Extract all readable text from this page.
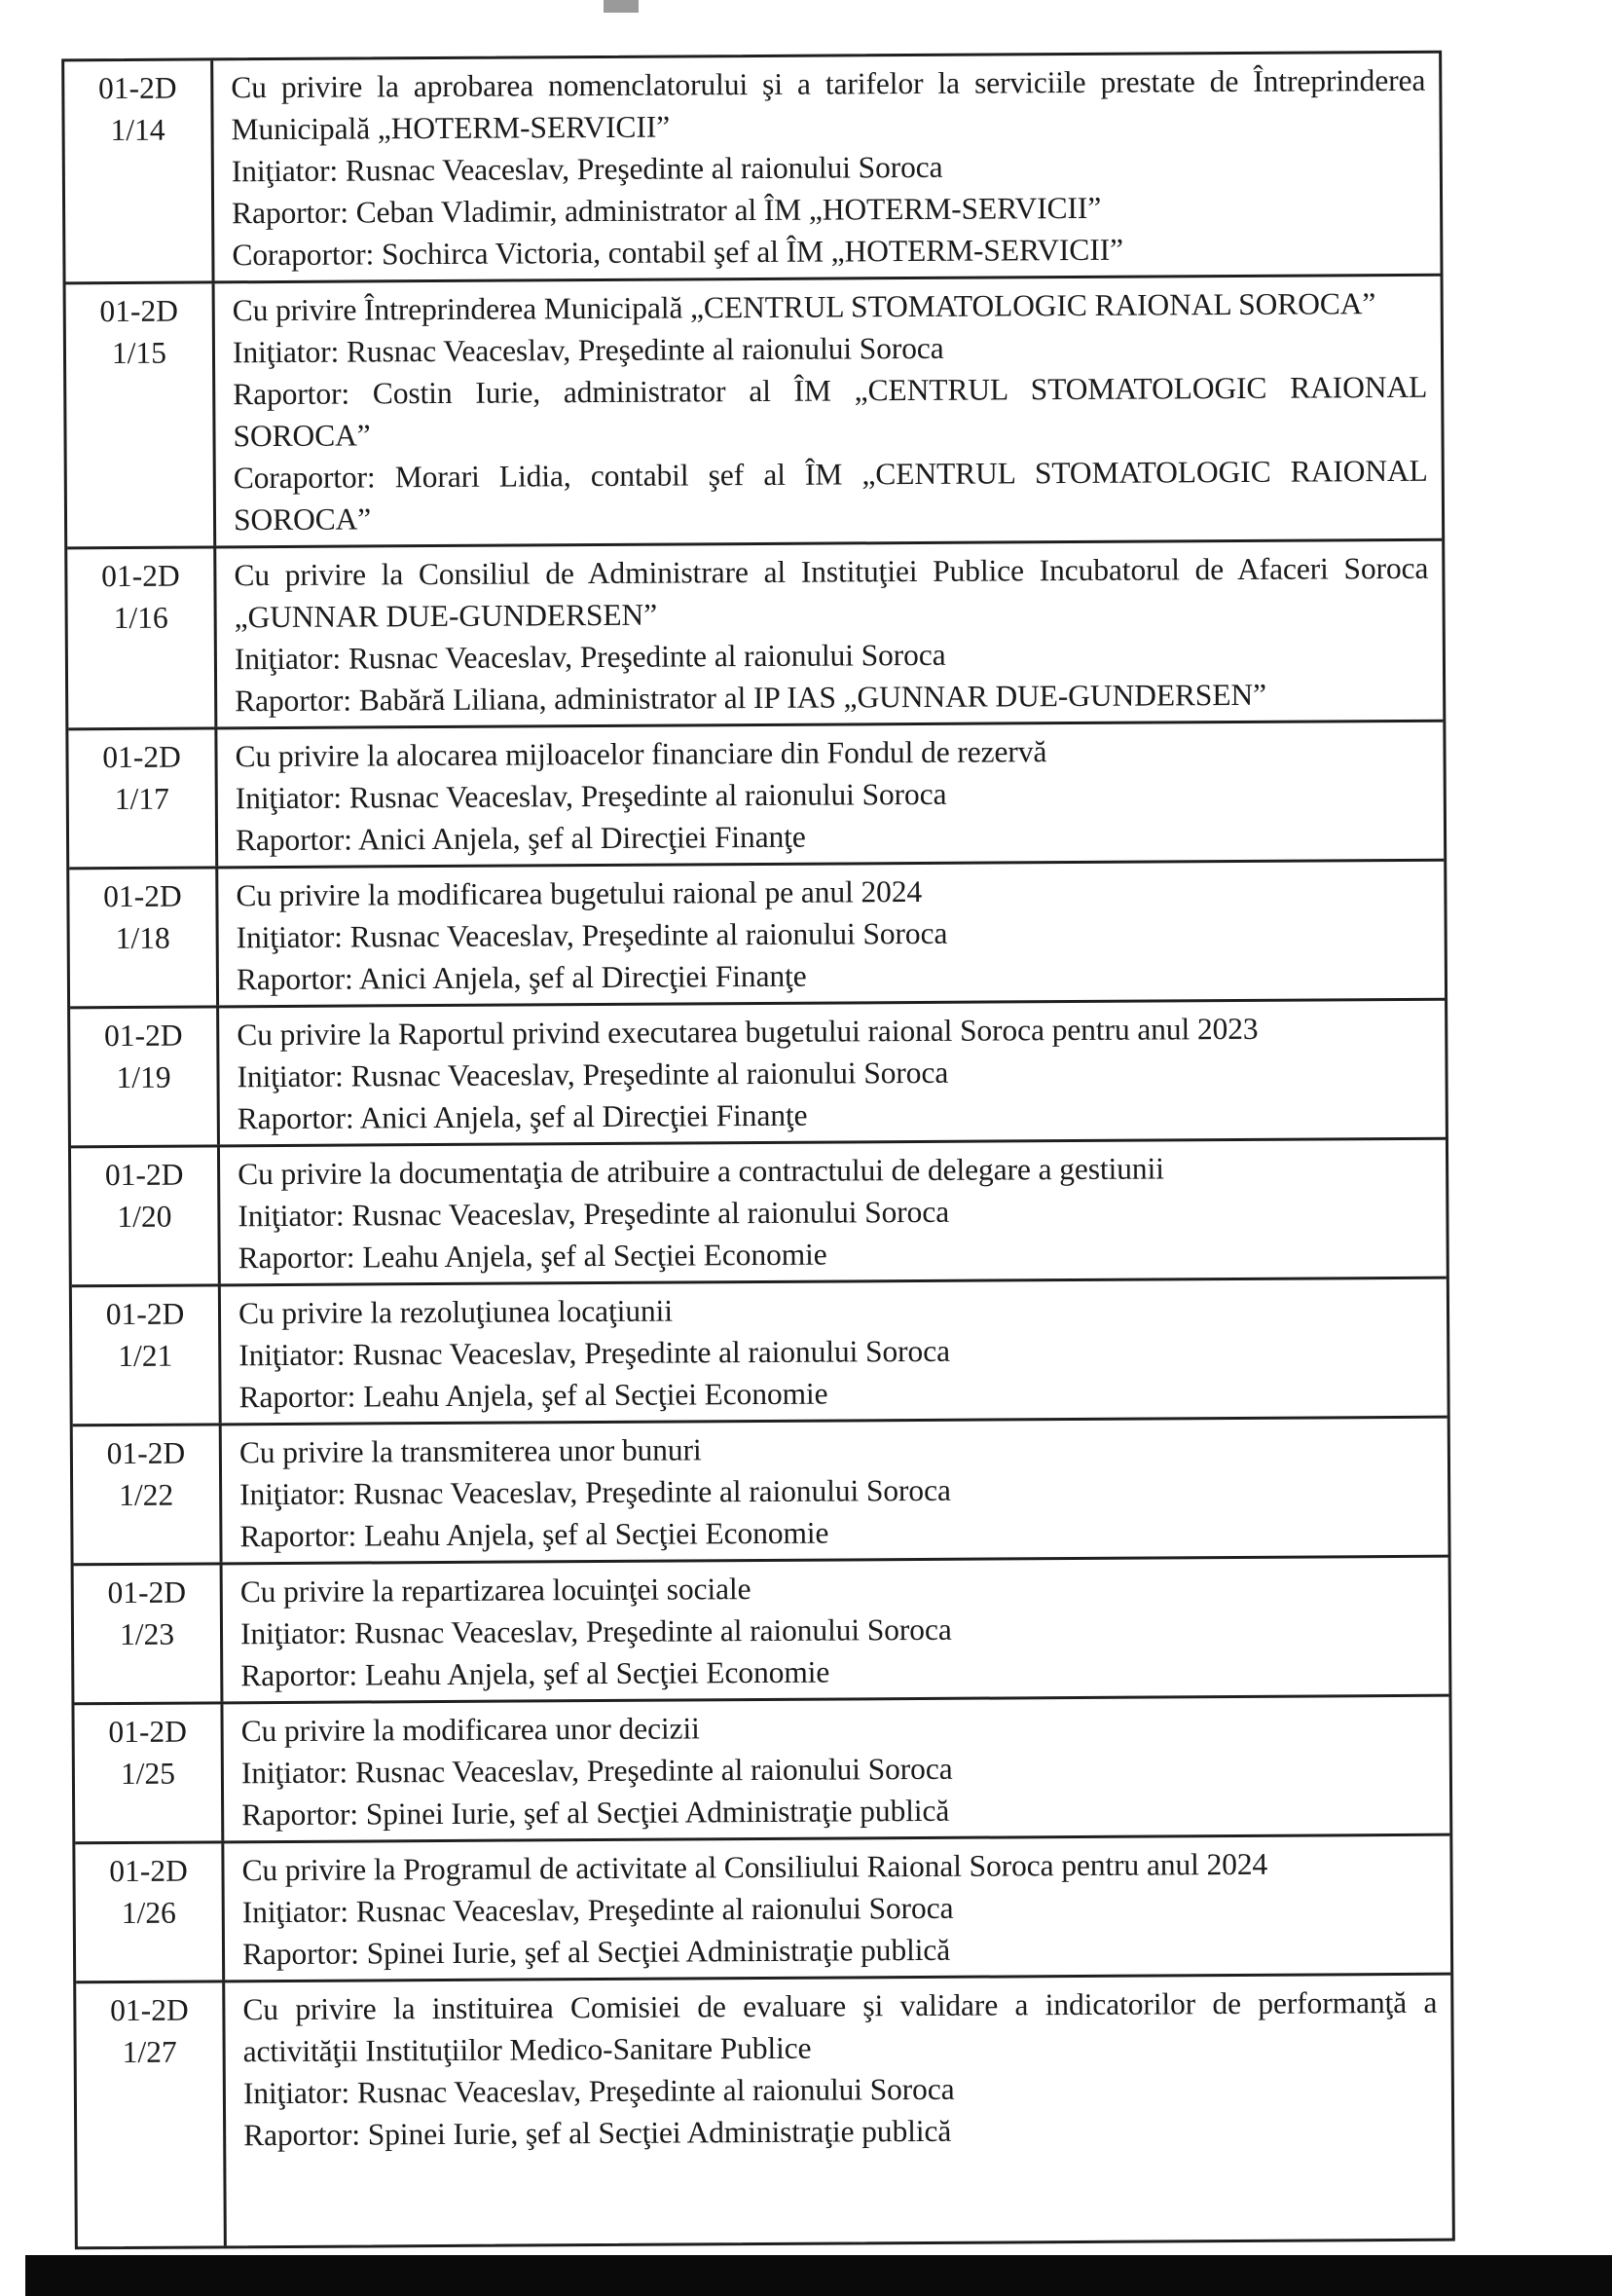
01-2D
1/14
Cu privire la aprobarea nomenclatorului şi a tarifelor la serviciile prestate de Întreprinderea Municipală „HOTERM-SERVICII”
Iniţiator: Rusnac Veaceslav, Preşedinte al raionului Soroca
Raportor: Ceban Vladimir, administrator al ÎM „HOTERM-SERVICII”
Coraportor: Sochirca Victoria, contabil şef al ÎM „HOTERM-SERVICII”
01-2D
1/15
Cu privire Întreprinderea Municipală „CENTRUL STOMATOLOGIC RAIONAL SOROCA”
Iniţiator: Rusnac Veaceslav, Preşedinte al raionului Soroca
Raportor: Costin Iurie, administrator al ÎM „CENTRUL STOMATOLOGIC RAIONAL SOROCA”
Coraportor: Morari Lidia, contabil şef al ÎM „CENTRUL STOMATOLOGIC RAIONAL SOROCA”
01-2D
1/16
Cu privire la Consiliul de Administrare al Instituţiei Publice Incubatorul de Afaceri Soroca „GUNNAR DUE-GUNDERSEN”
Iniţiator: Rusnac Veaceslav, Preşedinte al raionului Soroca
Raportor: Babără Liliana, administrator al IP IAS „GUNNAR DUE-GUNDERSEN”
01-2D
1/17
Cu privire la alocarea mijloacelor financiare din Fondul de rezervă
Iniţiator: Rusnac Veaceslav, Preşedinte al raionului Soroca
Raportor: Anici Anjela, şef al Direcţiei Finanţe
01-2D
1/18
Cu privire la modificarea bugetului raional pe anul 2024
Iniţiator: Rusnac Veaceslav, Preşedinte al raionului Soroca
Raportor: Anici Anjela, şef al Direcţiei Finanţe
01-2D
1/19
Cu privire la Raportul privind executarea bugetului raional Soroca pentru anul 2023
Iniţiator: Rusnac Veaceslav, Preşedinte al raionului Soroca
Raportor: Anici Anjela, şef al Direcţiei Finanţe
01-2D
1/20
Cu privire la documentaţia de atribuire a contractului de delegare a gestiunii
Iniţiator: Rusnac Veaceslav, Preşedinte al raionului Soroca
Raportor: Leahu Anjela, şef al Secţiei Economie
01-2D
1/21
Cu privire la rezoluţiunea locaţiunii
Iniţiator: Rusnac Veaceslav, Preşedinte al raionului Soroca
Raportor: Leahu Anjela, şef al Secţiei Economie
01-2D
1/22
Cu privire la transmiterea unor bunuri
Iniţiator: Rusnac Veaceslav, Preşedinte al raionului Soroca
Raportor: Leahu Anjela, şef al Secţiei Economie
01-2D
1/23
Cu privire la repartizarea locuinţei sociale
Iniţiator: Rusnac Veaceslav, Preşedinte al raionului Soroca
Raportor: Leahu Anjela, şef al Secţiei Economie
01-2D
1/25
Cu privire la modificarea unor decizii
Iniţiator: Rusnac Veaceslav, Preşedinte al raionului Soroca
Raportor: Spinei Iurie, şef al Secţiei Administraţie publică
01-2D
1/26
Cu privire la Programul de activitate al Consiliului Raional Soroca pentru anul 2024
Iniţiator: Rusnac Veaceslav, Preşedinte al raionului Soroca
Raportor: Spinei Iurie, şef al Secţiei Administraţie publică
01-2D
1/27
Cu privire la instituirea Comisiei de evaluare şi validare a indicatorilor de performanţă a activităţii Instituţiilor Medico-Sanitare Publice
Iniţiator: Rusnac Veaceslav, Preşedinte al raionului Soroca
Raportor: Spinei Iurie, şef al Secţiei Administraţie publică
